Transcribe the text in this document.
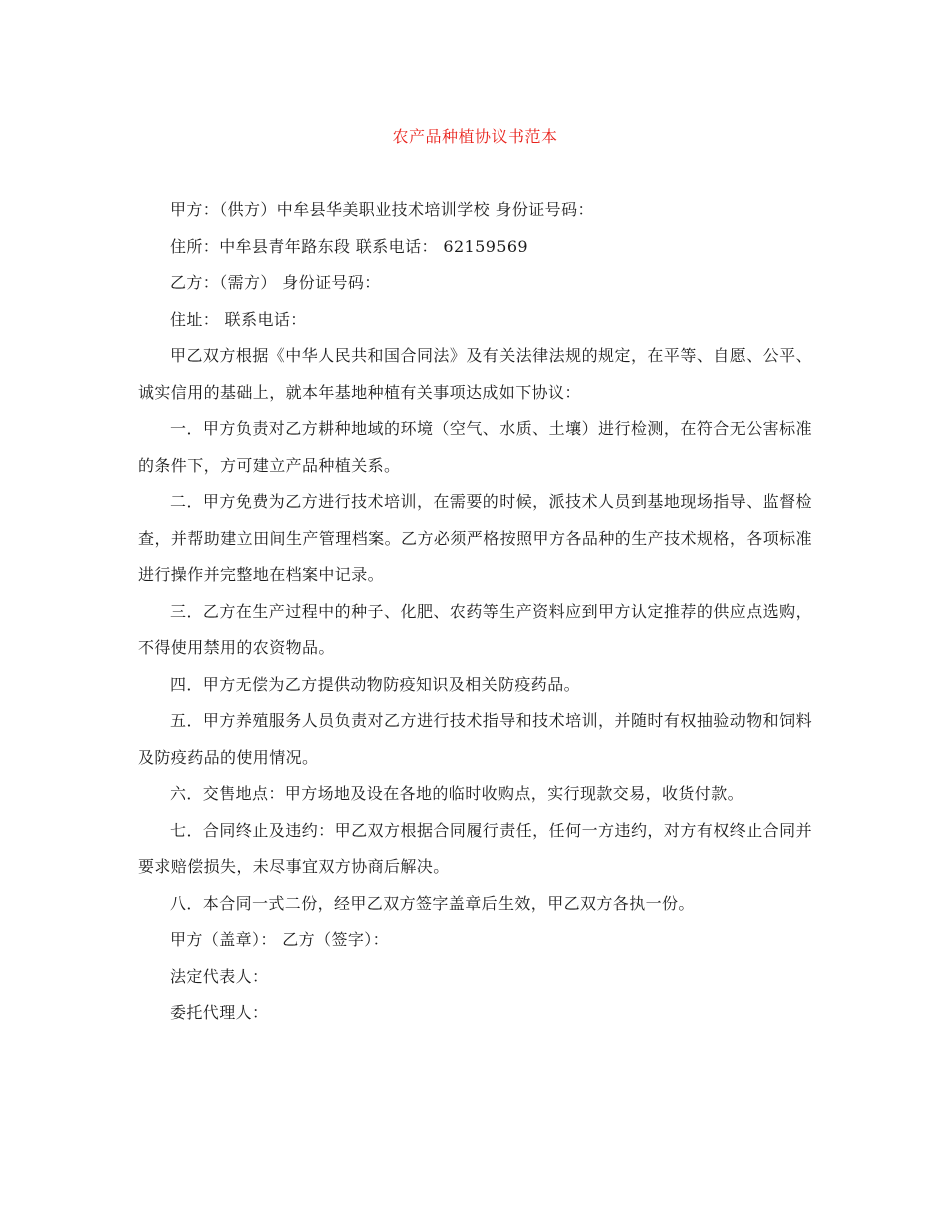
农产品种植协议书范本

甲方：（供方）中牟县华美职业技术培训学校 身份证号码：

住所：中牟县青年路东段 联系电话： 62159569

乙方：（需方） 身份证号码：

住址： 联系电话：

甲乙双方根据《中华人民共和国合同法》及有关法律法规的规定，在平等、自愿、公平、诚实信用的基础上，就本年基地种植有关事项达成如下协议：

一．甲方负责对乙方耕种地域的环境（空气、水质、土壤）进行检测，在符合无公害标准的条件下，方可建立产品种植关系。

二．甲方免费为乙方进行技术培训，在需要的时候，派技术人员到基地现场指导、监督检查，并帮助建立田间生产管理档案。乙方必须严格按照甲方各品种的生产技术规格，各项标准进行操作并完整地在档案中记录。

三．乙方在生产过程中的种子、化肥、农药等生产资料应到甲方认定推荐的供应点选购，不得使用禁用的农资物品。

四．甲方无偿为乙方提供动物防疫知识及相关防疫药品。

五．甲方养殖服务人员负责对乙方进行技术指导和技术培训，并随时有权抽验动物和饲料及防疫药品的使用情况。

六．交售地点：甲方场地及设在各地的临时收购点，实行现款交易，收货付款。

七．合同终止及违约：甲乙双方根据合同履行责任，任何一方违约，对方有权终止合同并要求赔偿损失，未尽事宜双方协商后解决。

八．本合同一式二份，经甲乙双方签字盖章后生效，甲乙双方各执一份。

甲方（盖章）： 乙方（签字）：

法定代表人：

委托代理人：
